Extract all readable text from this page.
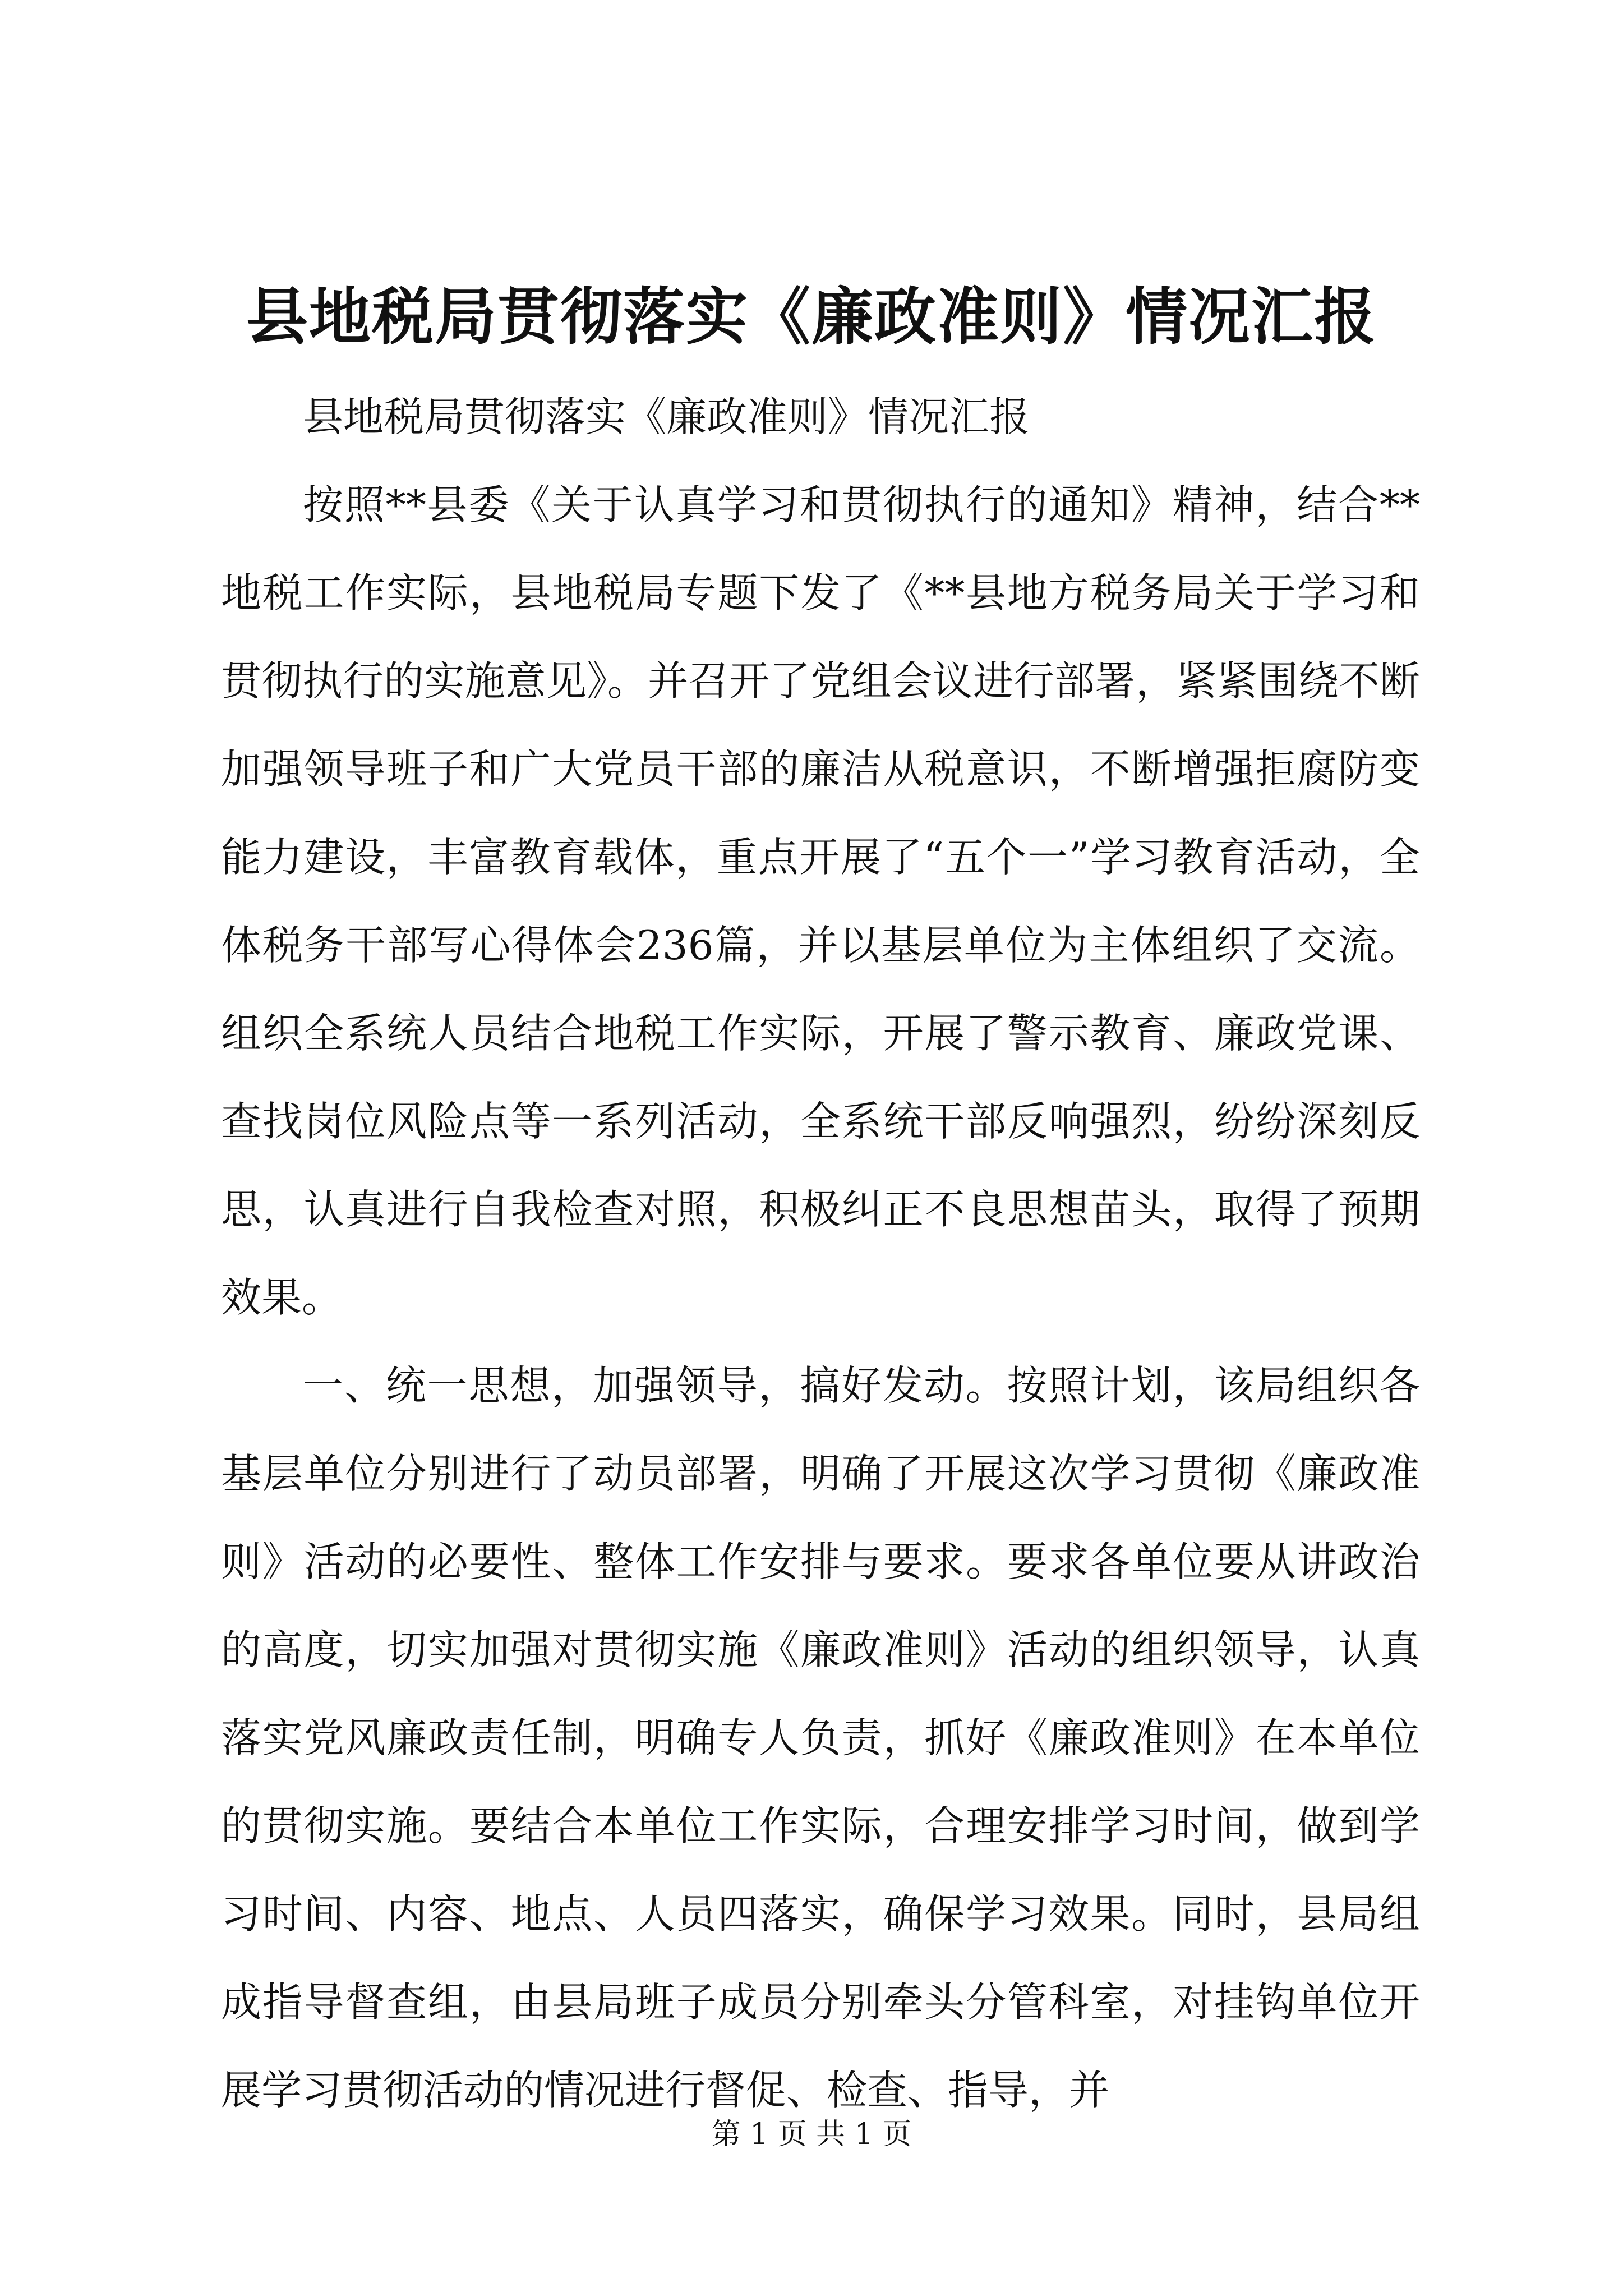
县地税局贯彻落实《廉政准则》情况汇报

县地税局贯彻落实《廉政准则》情况汇报

按照**县委《关于认真学习和贯彻执行的通知》精神，结合**地税工作实际，县地税局专题下发了《**县地方税务局关于学习和贯彻执行的实施意见》。并召开了党组会议进行部署，紧紧围绕不断加强领导班子和广大党员干部的廉洁从税意识，不断增强拒腐防变能力建设，丰富教育载体，重点开展了“五个一”学习教育活动，全体税务干部写心得体会236篇，并以基层单位为主体组织了交流。组织全系统人员结合地税工作实际，开展了警示教育、廉政党课、查找岗位风险点等一系列活动，全系统干部反响强烈，纷纷深刻反思，认真进行自我检查对照，积极纠正不良思想苗头，取得了预期效果。

一、统一思想，加强领导，搞好发动。按照计划，该局组织各基层单位分别进行了动员部署，明确了开展这次学习贯彻《廉政准则》活动的必要性、整体工作安排与要求。要求各单位要从讲政治的高度，切实加强对贯彻实施《廉政准则》活动的组织领导，认真落实党风廉政责任制，明确专人负责，抓好《廉政准则》在本单位的贯彻实施。要结合本单位工作实际，合理安排学习时间，做到学习时间、内容、地点、人员四落实，确保学习效果。同时，县局组成指导督查组，由县局班子成员分别牵头分管科室，对挂钩单位开展学习贯彻活动的情况进行督促、检查、指导，并

第 1 页 共 1 页
